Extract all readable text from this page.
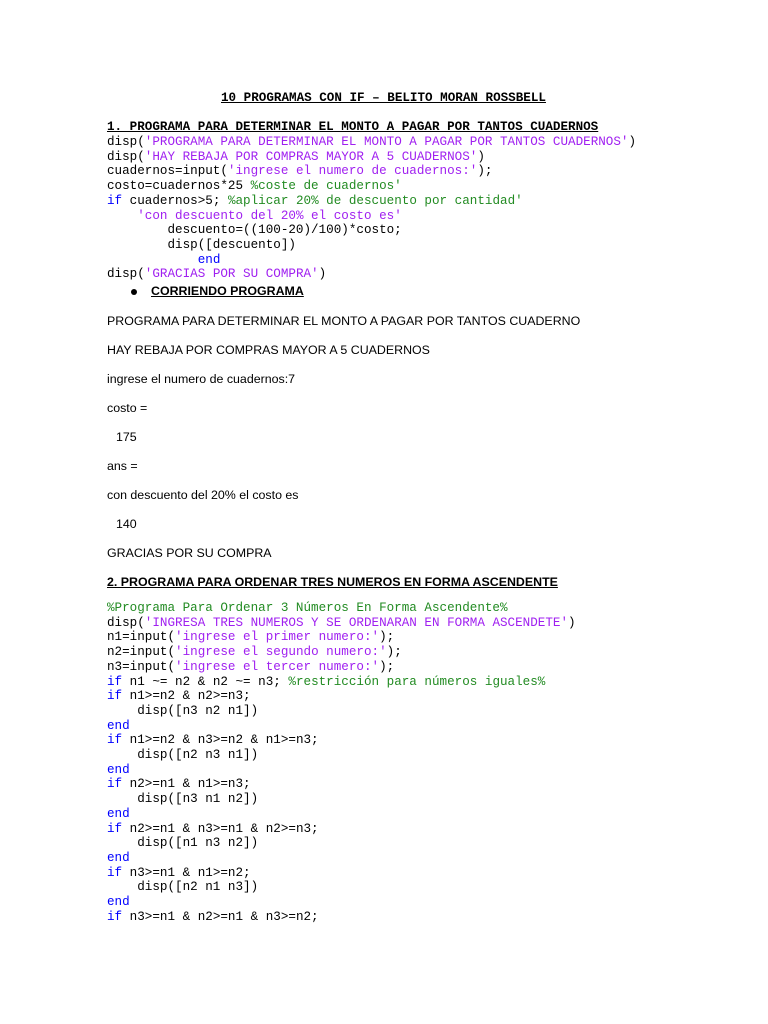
10 PROGRAMAS CON IF – BELITO MORAN ROSSBELL
1. PROGRAMA PARA DETERMINAR EL MONTO A PAGAR POR TANTOS CUADERNOS
disp('PROGRAMA PARA DETERMINAR EL MONTO A PAGAR POR TANTOS CUADERNOS')
disp('HAY REBAJA POR COMPRAS MAYOR A 5 CUADERNOS')
cuadernos=input('ingrese el numero de cuadernos:');
costo=cuadernos*25 %coste de cuadernos'
if cuadernos>5; %aplicar 20% de descuento por cantidad'
'con descuento del 20% el costo es'
descuento=((100-20)/100)*costo;
disp([descuento])
end
disp('GRACIAS POR SU COMPRA')
CORRIENDO PROGRAMA
PROGRAMA PARA DETERMINAR EL MONTO A PAGAR POR TANTOS CUADERNO
HAY REBAJA POR COMPRAS MAYOR A 5 CUADERNOS
ingrese el numero de cuadernos:7
costo =
175
ans =
con descuento del 20% el costo es
140
GRACIAS POR SU COMPRA
2. PROGRAMA PARA ORDENAR TRES NUMEROS EN FORMA ASCENDENTE
%Programa Para Ordenar 3 Números En Forma Ascendente%
disp('INGRESA TRES NUMEROS Y SE ORDENARAN EN FORMA ASCENDETE')
n1=input('ingrese el primer numero:');
n2=input('ingrese el segundo numero:');
n3=input('ingrese el tercer numero:');
if n1 ~= n2 & n2 ~= n3; %restricción para números iguales%
if n1>=n2 & n2>=n3;
disp([n3 n2 n1])
end
if n1>=n2 & n3>=n2 & n1>=n3;
disp([n2 n3 n1])
end
if n2>=n1 & n1>=n3;
disp([n3 n1 n2])
end
if n2>=n1 & n3>=n1 & n2>=n3;
disp([n1 n3 n2])
end
if n3>=n1 & n1>=n2;
disp([n2 n1 n3])
end
if n3>=n1 & n2>=n1 & n3>=n2;
